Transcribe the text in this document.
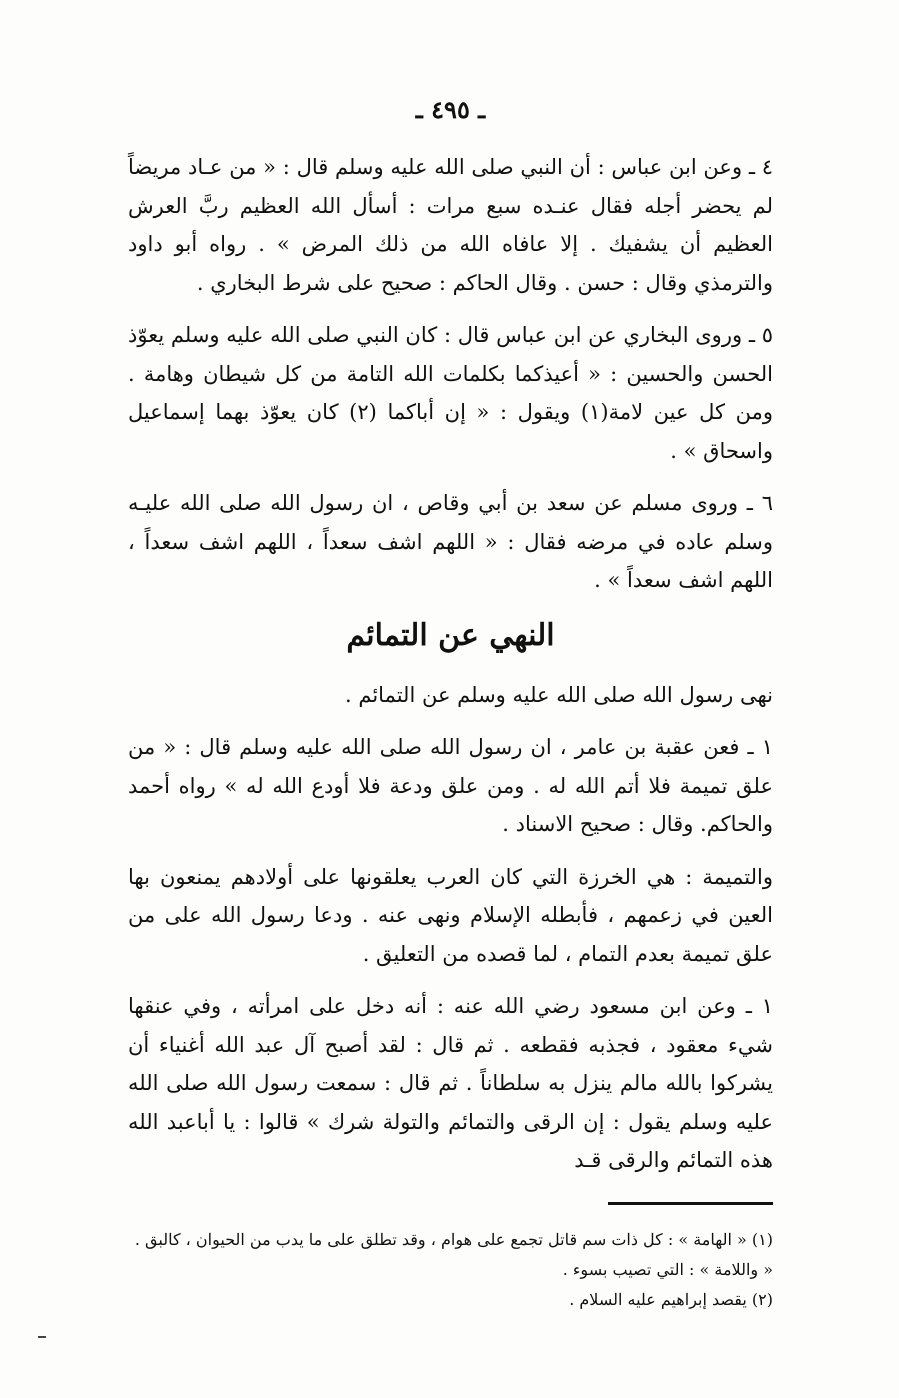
ـ ٤٩٥ ـ

٤ ـ وعن ابن عباس : أن النبي صلى الله عليه وسلم قال : « من عـاد مريضاً لم يحضر أجله فقال عنـده سبع مرات : أسأل الله العظيم ربَّ العرش العظيم أن يشفيك . إلا عافاه الله من ذلك المرض » . رواه أبو داود والترمذي وقال : حسن . وقال الحاكم : صحيح على شرط البخاري .

٥ ـ وروى البخاري عن ابن عباس قال : كان النبي صلى الله عليه وسلم يعوّذ الحسن والحسين : « أعيذكما بكلمات الله التامة من كل شيطان وهامة . ومن كل عين لامة(١) ويقول : « إن أباكما (٢) كان يعوّذ بهما إسماعيل واسحاق » .

٦ ـ وروى مسلم عن سعد بن أبي وقاص ، ان رسول الله صلى الله عليـه وسلم عاده في مرضه فقال : « اللهم اشف سعداً ، اللهم اشف سعداً ، اللهم اشف سعداً » .

النهي عن التمائم

نهى رسول الله صلى الله عليه وسلم عن التمائم .

١ ـ فعن عقبة بن عامر ، ان رسول الله صلى الله عليه وسلم قال : « من علق تميمة فلا أتم الله له . ومن علق ودعة فلا أودع الله له » رواه أحمد والحاكم. وقال : صحيح الاسناد .

والتميمة : هي الخرزة التي كان العرب يعلقونها على أولادهم يمنعون بها العين في زعمهم ، فأبطله الإسلام ونهى عنه . ودعا رسول الله على من علق تميمة بعدم التمام ، لما قصده من التعليق .

١ ـ وعن ابن مسعود رضي الله عنه : أنه دخل على امرأته ، وفي عنقها شيء معقود ، فجذبه فقطعه . ثم قال : لقد أصبح آل عبد الله أغنياء أن يشركوا بالله مالم ينزل به سلطاناً . ثم قال : سمعت رسول الله صلى الله عليه وسلم يقول : إن الرقى والتمائم والتولة شرك » قالوا : يا أباعبد الله هذه التمائم والرقى قـد

(١) « الهامة » : كل ذات سم قاتل تجمع على هوام ، وقد تطلق على ما يدب من الحيوان ، كالبق .

« واللامة » : التي تصيب بسوء .

(٢) يقصد إبراهيم عليه السلام .
